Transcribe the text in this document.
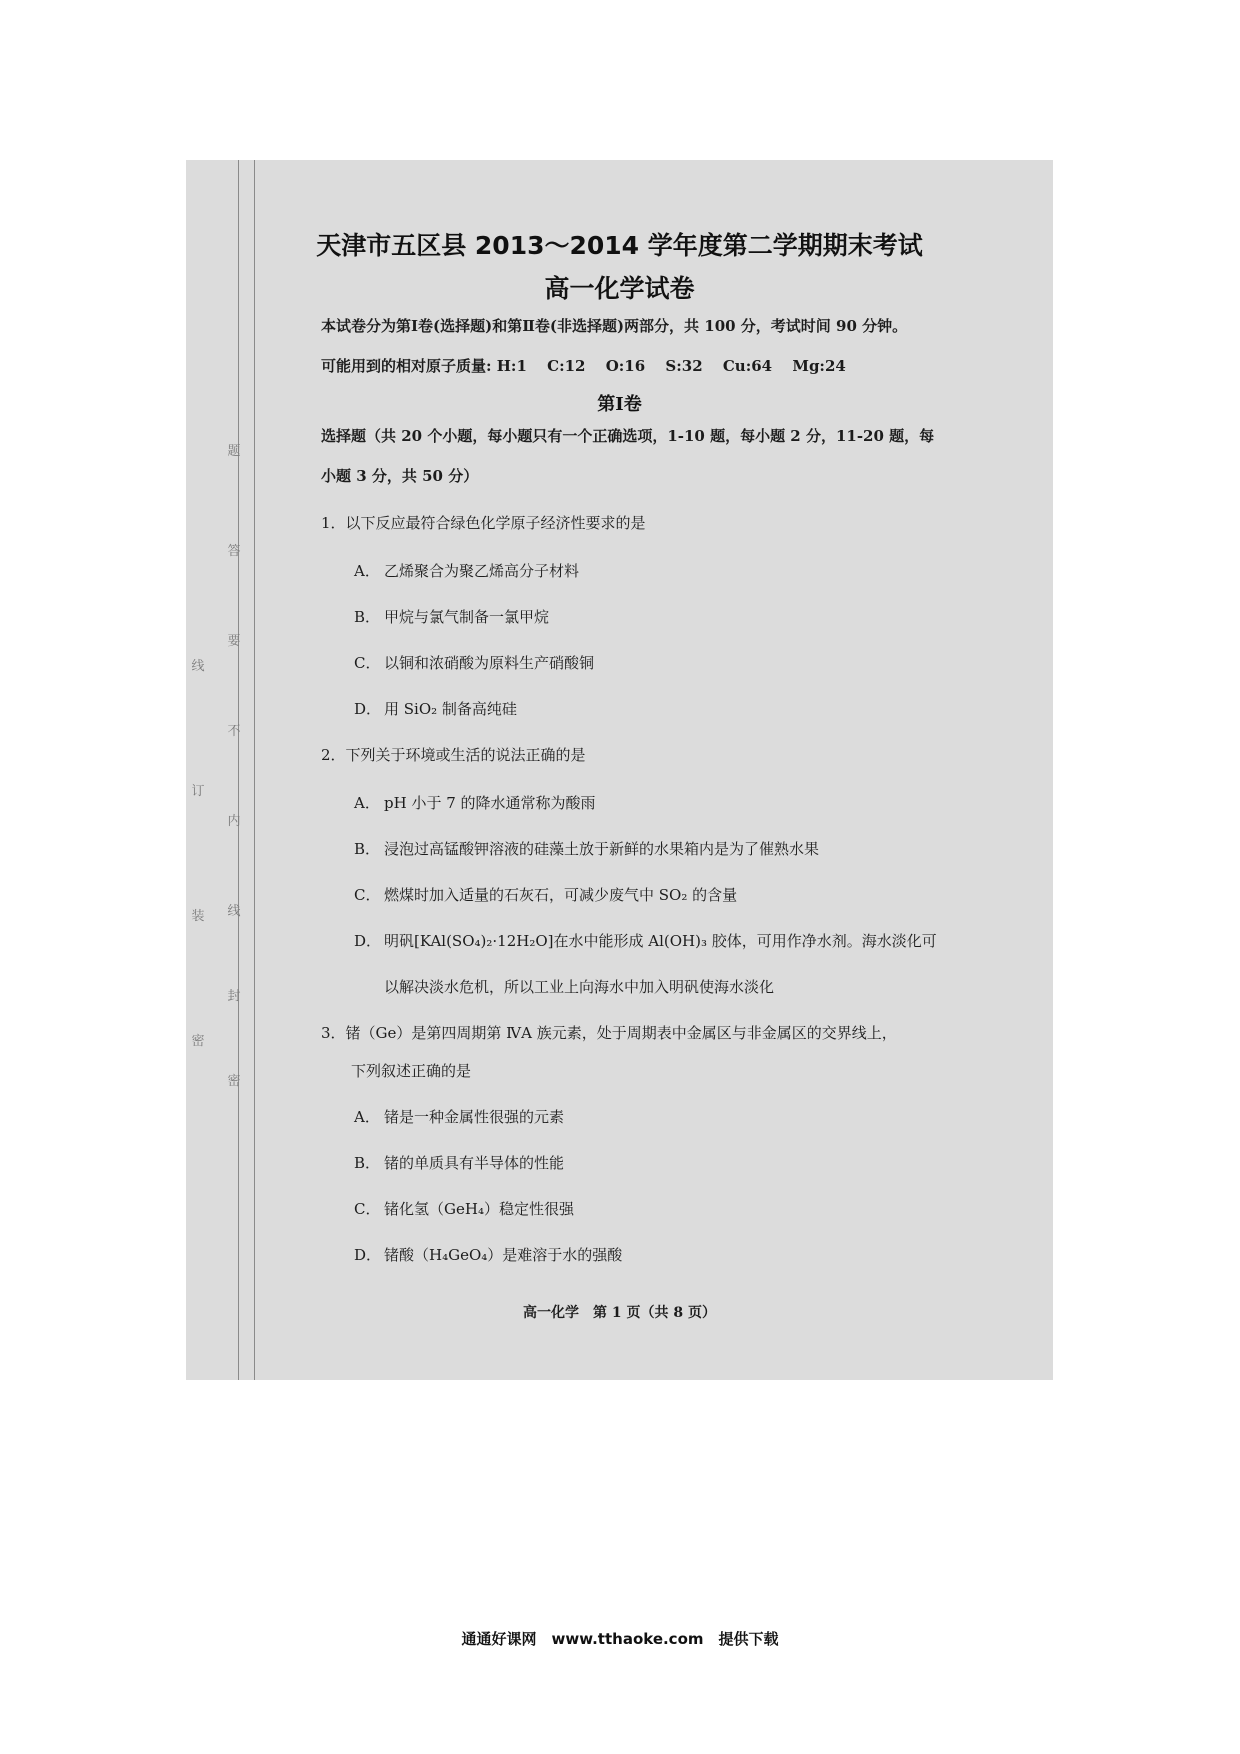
线
订
装
密
题
答
要
不
内
线
封
密
天津市五区县 2013～2014 学年度第二学期期末考试
高一化学试卷
本试卷分为第Ⅰ卷(选择题)和第Ⅱ卷(非选择题)两部分，共 100 分，考试时间 90 分钟。
可能用到的相对原子质量: H:1　 C:12　 O:16　 S:32　 Cu:64　 Mg:24
第Ⅰ卷
选择题（共 20 个小题，每小题只有一个正确选项，1-10 题，每小题 2 分，11-20 题，每
小题 3 分，共 50 分）
1．以下反应最符合绿色化学原子经济性要求的是
A． 乙烯聚合为聚乙烯高分子材料
B． 甲烷与氯气制备一氯甲烷
C． 以铜和浓硝酸为原料生产硝酸铜
D． 用 SiO₂ 制备高纯硅
2．下列关于环境或生活的说法正确的是
A． pH 小于 7 的降水通常称为酸雨
B． 浸泡过高锰酸钾溶液的硅藻土放于新鲜的水果箱内是为了催熟水果
C． 燃煤时加入适量的石灰石，可减少废气中 SO₂ 的含量
D． 明矾[KAl(SO₄)₂·12H₂O]在水中能形成 Al(OH)₃ 胶体，可用作净水剂。海水淡化可
以解决淡水危机，所以工业上向海水中加入明矾使海水淡化
3．锗（Ge）是第四周期第 ⅣA 族元素，处于周期表中金属区与非金属区的交界线上，
下列叙述正确的是
A． 锗是一种金属性很强的元素
B． 锗的单质具有半导体的性能
C． 锗化氢（GeH₄）稳定性很强
D． 锗酸（H₄GeO₄）是难溶于水的强酸
高一化学　第 1 页（共 8 页）
通通好课网　www.tthaoke.com　提供下载
